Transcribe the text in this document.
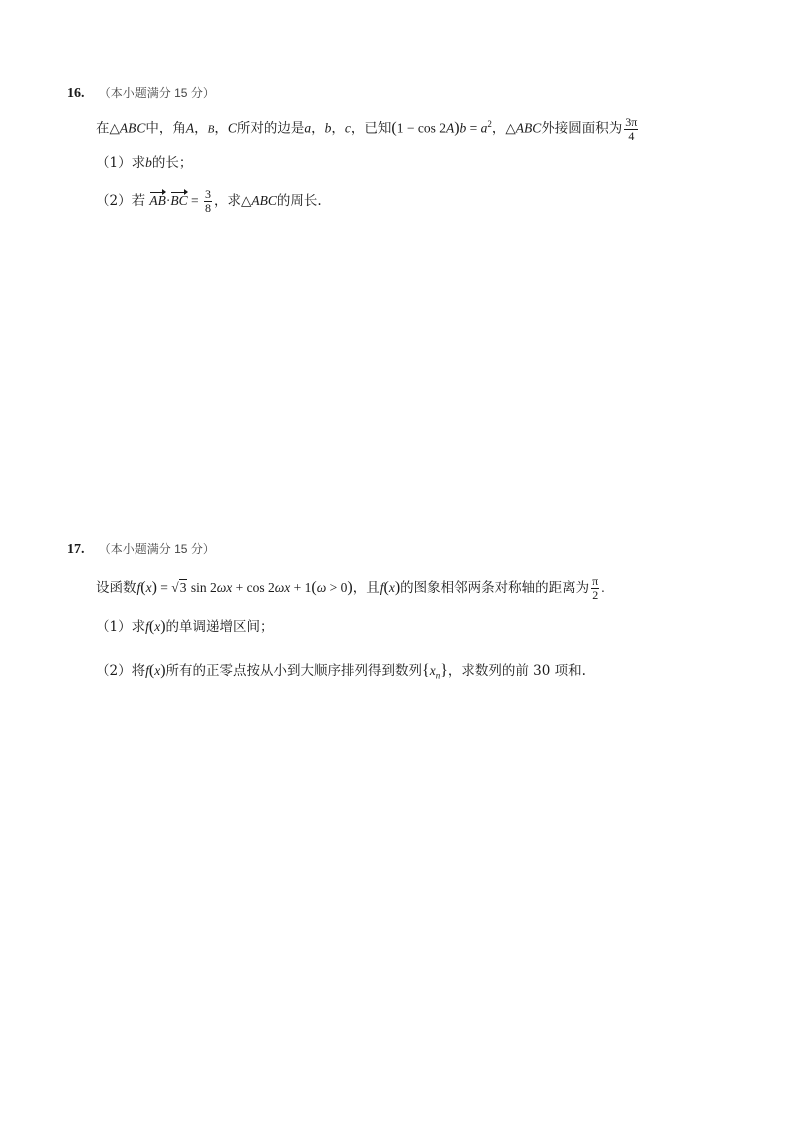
16. （本小题满分 15 分）
在△ABC中，角A，B，C所对的边是a，b，c，已知$(1 - \cos 2A)b = a^2$，△ABC外接圆面积为 $\frac{3\pi}{4}$
（1）求b的长；
（2）若 $AB\cdot BC = \frac{3}{8}$ ，求△ABC的周长.
17. （本小题满分 15 分）
设函数f(x) = √3 sin 2ωx + cos 2ωx + 1(ω > 0)，且f(x)的图象相邻两条对称轴的距离为 $\frac{\pi}{2}$ .
（1）求f(x)的单调递增区间；
（2）将f(x)所有的正零点按从小到大顺序排列得到数列$\{x_n\}$，求数列的前 30 项和.
